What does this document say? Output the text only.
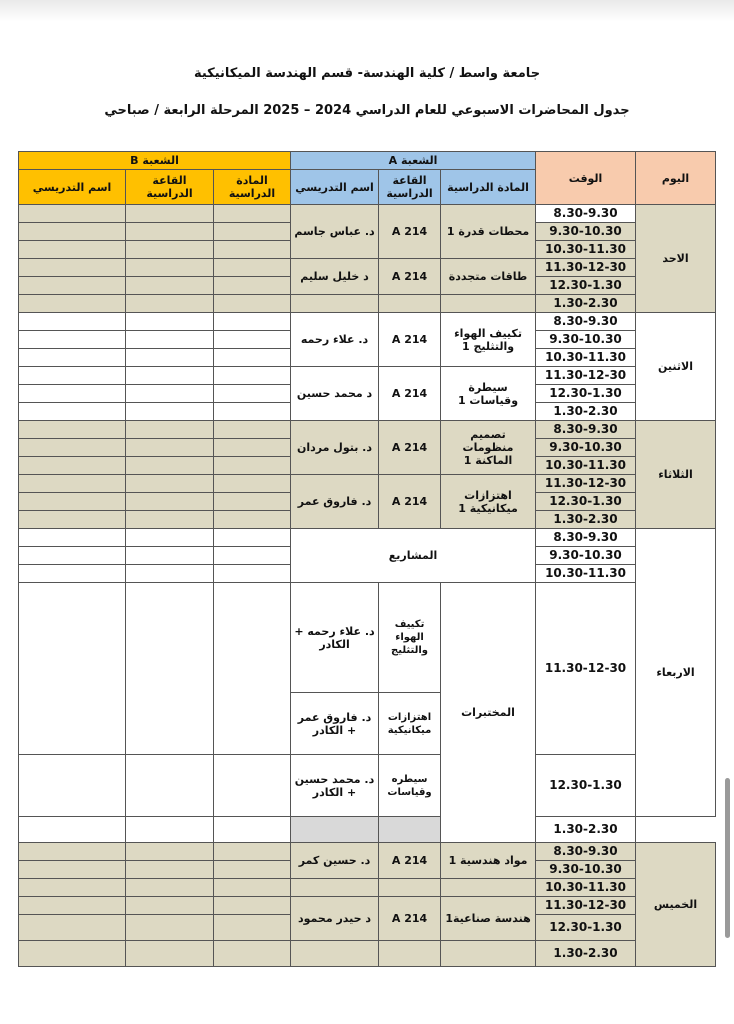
جامعة واسط / كلية الهندسة- قسم الهندسة الميكانيكية
جدول المحاضرات الاسبوعي للعام الدراسي 2024 – 2025 المرحلة الرابعة / صباحي
الشعبة B			الشعبة A			الوقت	اليوم
اسم التدريسي	القاعة الدراسية	المادة الدراسية	اسم التدريسي	القاعة الدراسية	المادة الدراسية		
			د. عباس جاسم	A 214	محطات قدرة 1	8.30-9.30	الاحد
						9.30-10.30	
						10.30-11.30	
			د خليل سليم	A 214	طاقات متجددة	11.30-12-30	
						12.30-1.30	
						1.30-2.30	
			د. علاء رحمه	A 214	تكييف الهواء والتثليج 1	8.30-9.30	الاثنين
						9.30-10.30	
						10.30-11.30	
			د محمد حسين	A 214	سيطرة وقياسات 1	11.30-12-30	
						12.30-1.30	
						1.30-2.30	
			د. بتول مردان	A 214	تصميم منظومات الماكنة 1	8.30-9.30	الثلاثاء
						9.30-10.30	
						10.30-11.30	
			د. فاروق عمر	A 214	اهتزازات ميكانيكية 1	11.30-12-30	
						12.30-1.30	
						1.30-2.30	
			المشاريع			8.30-9.30	الاربعاء
						9.30-10.30	
						10.30-11.30	
			د. علاء رحمه + الكادر	تكييف الهواء والتثليج	المختبرات	11.30-12-30	
			د. فاروق عمر + الكادر	اهتزازات ميكانيكية			
			د. محمد حسين + الكادر	سيطره وقياسات		12.30-1.30	
						1.30-2.30	
			د. حسين كمر	A 214	مواد هندسية 1	8.30-9.30	الخميس
						9.30-10.30	
						10.30-11.30	
			د حيدر محمود	A 214	هندسة صناعية1	11.30-12-30	
						12.30-1.30	
						1.30-2.30	
